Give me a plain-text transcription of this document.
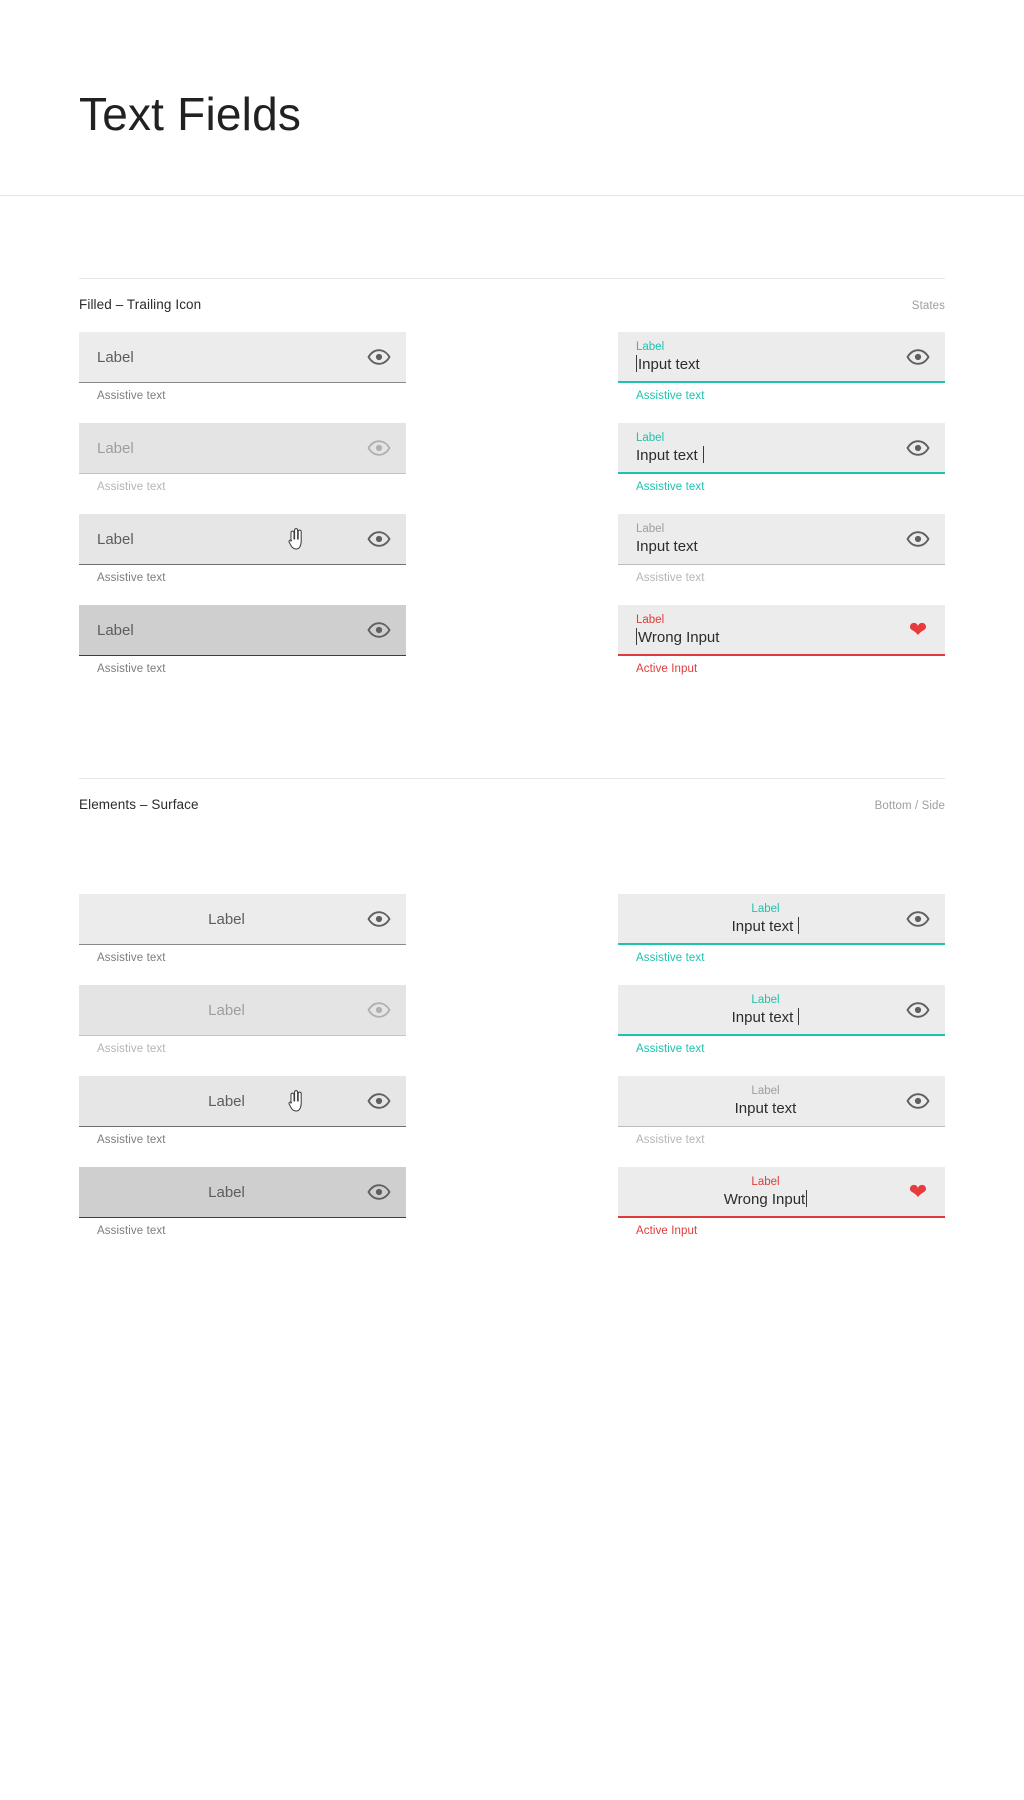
Text Fields
Filled – Trailing Icon	States
Label
Assistive text
Label
Assistive text
Label
Assistive text
Label
Assistive text
Label
Input text
Assistive text
Label
Input text
Assistive text
Label
Input text
Assistive text
Label
Wrong Input	❤
Active Input
Elements – Surface	Bottom / Side
Label
Assistive text
Label
Assistive text
Label
Assistive text
Label
Assistive text
Label
Input text
Assistive text
Label
Input text
Assistive text
Label
Input text
Assistive text
Label
Wrong Input	❤
Active Input
